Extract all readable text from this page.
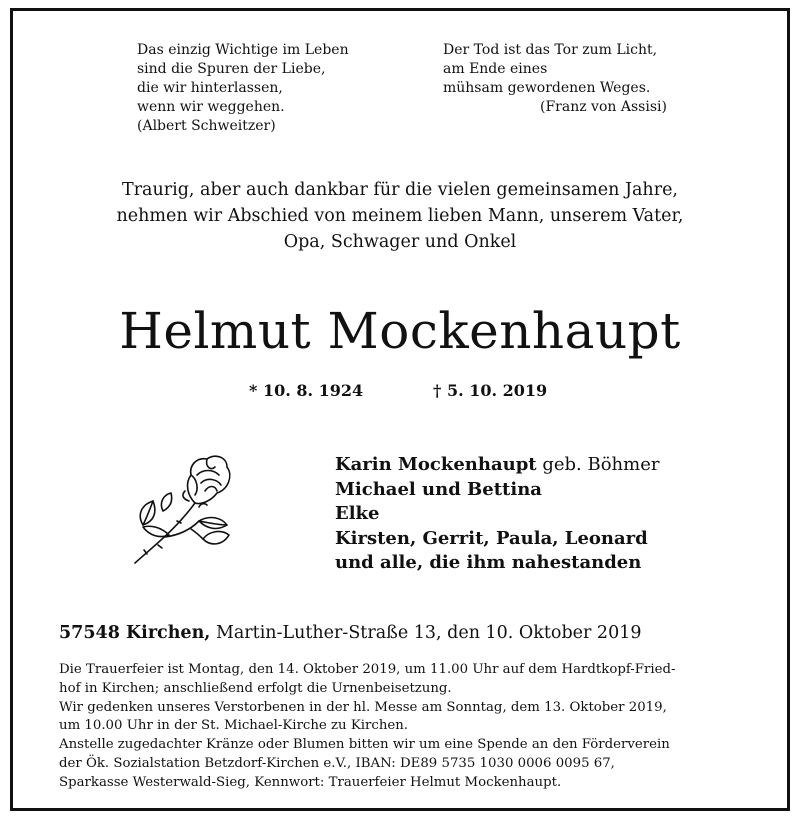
Das einzig Wichtige im Leben
sind die Spuren der Liebe,
die wir hinterlassen,
wenn wir weggehen.
(Albert Schweitzer)
Der Tod ist das Tor zum Licht,
am Ende eines
mühsam gewordenen Weges.
(Franz von Assisi)
Traurig, aber auch dankbar für die vielen gemeinsamen Jahre,
nehmen wir Abschied von meinem lieben Mann, unserem Vater,
Opa, Schwager und Onkel
Helmut Mockenhaupt
* 10. 8. 1924	† 5. 10. 2019
Karin Mockenhaupt geb. Böhmer
Michael und Bettina
Elke
Kirsten, Gerrit, Paula, Leonard
und alle, die ihm nahestanden
57548 Kirchen, Martin-Luther-Straße 13, den 10. Oktober 2019
Die Trauerfeier ist Montag, den 14. Oktober 2019, um 11.00 Uhr auf dem Hardtkopf-Fried-
hof in Kirchen; anschließend erfolgt die Urnenbeisetzung.
Wir gedenken unseres Verstorbenen in der hl. Messe am Sonntag, dem 13. Oktober 2019,
um 10.00 Uhr in der St. Michael-Kirche zu Kirchen.
Anstelle zugedachter Kränze oder Blumen bitten wir um eine Spende an den Förderverein
der Ök. Sozialstation Betzdorf-Kirchen e.V., IBAN: DE89 5735 1030 0006 0095 67,
Sparkasse Westerwald-Sieg, Kennwort: Trauerfeier Helmut Mockenhaupt.
